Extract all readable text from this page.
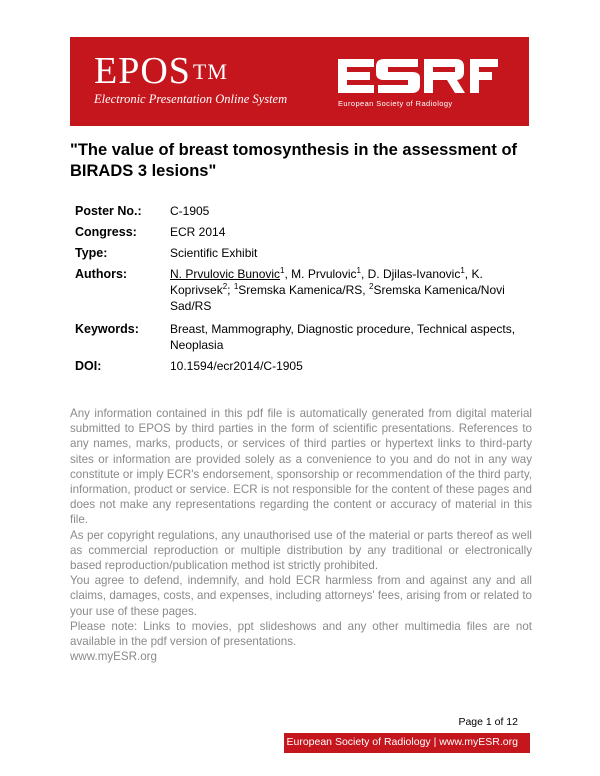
EPOS™
Electronic Presentation Online System	European Society of Radiology
"The value of breast tomosynthesis in the assessment of BIRADS 3 lesions"
Poster No.: C-1905
Congress:	ECR 2014
Type:	Scientific Exhibit
Authors:	N. Prvulovic Bunovic$^1$, M. Prvulovic$^1$, D. Djilas-Ivanovic$^1$, K.
Koprivsek$^2$; $^1$Sremska Kamenica/RS, $^2$Sremska Kamenica/Novi Sad/RS
Keywords:	Breast, Mammography, Diagnostic procedure, Technical aspects, Neoplasia
DOI:	10.1594/ecr2014/C-1905

Any information contained in this pdf file is automatically generated from digital material submitted to EPOS by third parties in the form of scientific presentations. References to any names, marks, products, or services of third parties or hypertext links to third-party sites or information are provided solely as a convenience to you and do not in any way constitute or imply ECR's endorsement, sponsorship or recommendation of the third party, information, product or service. ECR is not responsible for the content of these pages and does not make any representations regarding the content or accuracy of material in this file.

As per copyright regulations, any unauthorised use of the material or parts thereof as well as commercial reproduction or multiple distribution by any traditional or electronically based reproduction/publication method ist strictly prohibited.

You agree to defend, indemnify, and hold ECR harmless from and against any and all claims, damages, costs, and expenses, including attorneys' fees, arising from or related to your use of these pages.

Please note: Links to movies, ppt slideshows and any other multimedia files are not available in the pdf version of presentations.

www.myESR.org

Page 1 of 12
European Society of Radiology | www.myESR.org
